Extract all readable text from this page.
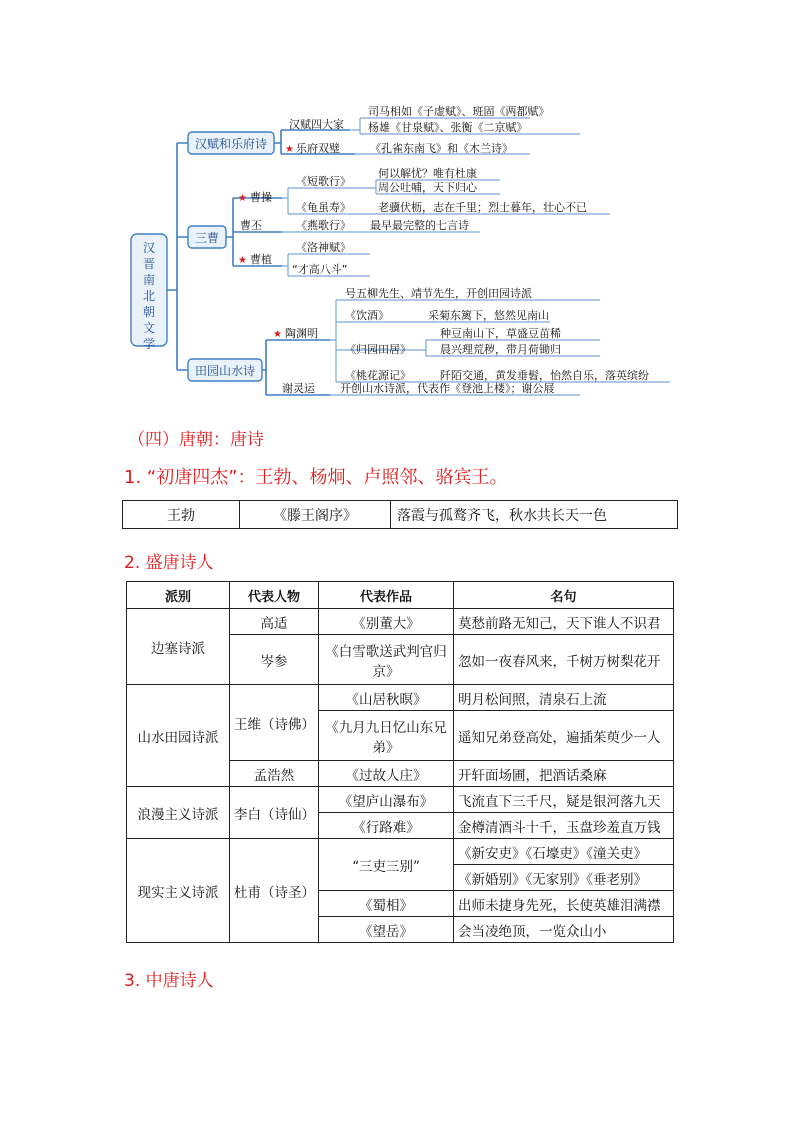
汉晋南北朝文学
汉赋和乐府诗
三曹
田园山水诗
汉赋四大家
司马相如《子虚赋》、班固《两都赋》
杨雄《甘泉赋》、张衡《二京赋》
★ 乐府双璧	《孔雀东南飞》和《木兰诗》
★ 曹操
《短歌行》
何以解忧？唯有杜康
周公吐哺，天下归心
《龟虽寿》 老骥伏枥，志在千里；烈士暮年，壮心不已
曹丕	《燕歌行》 最早最完整的七言诗
★ 曹植
《洛神赋》
“才高八斗”
★ 陶渊明
号五柳先生、靖节先生，开创田园诗派
《饮酒》	采菊东篱下，悠然见南山
《归园田居》
种豆南山下，草盛豆苗稀
晨兴理荒秽，带月荷锄归
《桃花源记》	阡陌交通，黄发垂髫，怡然自乐，落英缤纷
谢灵运 开创山水诗派，代表作《登池上楼》；谢公屐
（四）唐朝：唐诗
1. “初唐四杰”：王勃、杨炯、卢照邻、骆宾王。
王勃	《滕王阁序》	落霞与孤鹜齐飞，秋水共长天一色
2. 盛唐诗人
派别	代表人物	代表作品	名句
边塞诗派	高适	《别董大》	莫愁前路无知己，天下谁人不识君
	岑参	《白雪歌送武判官归京》	忽如一夜春风来，千树万树梨花开
山水田园诗派	王维（诗佛）	《山居秋暝》	明月松间照，清泉石上流
		《九月九日忆山东兄弟》	遥知兄弟登高处，遍插茱萸少一人
	孟浩然	《过故人庄》	开轩面场圃，把酒话桑麻
浪漫主义诗派	李白（诗仙）	《望庐山瀑布》	飞流直下三千尺，疑是银河落九天
		《行路难》	金樽清酒斗十千，玉盘珍羞直万钱
现实主义诗派	杜甫（诗圣）	“三吏三别”	《新安吏》《石壕吏》《潼关吏》
			《新婚别》《无家别》《垂老别》
		《蜀相》	出师未捷身先死，长使英雄泪满襟
		《望岳》	会当凌绝顶，一览众山小
3. 中唐诗人
